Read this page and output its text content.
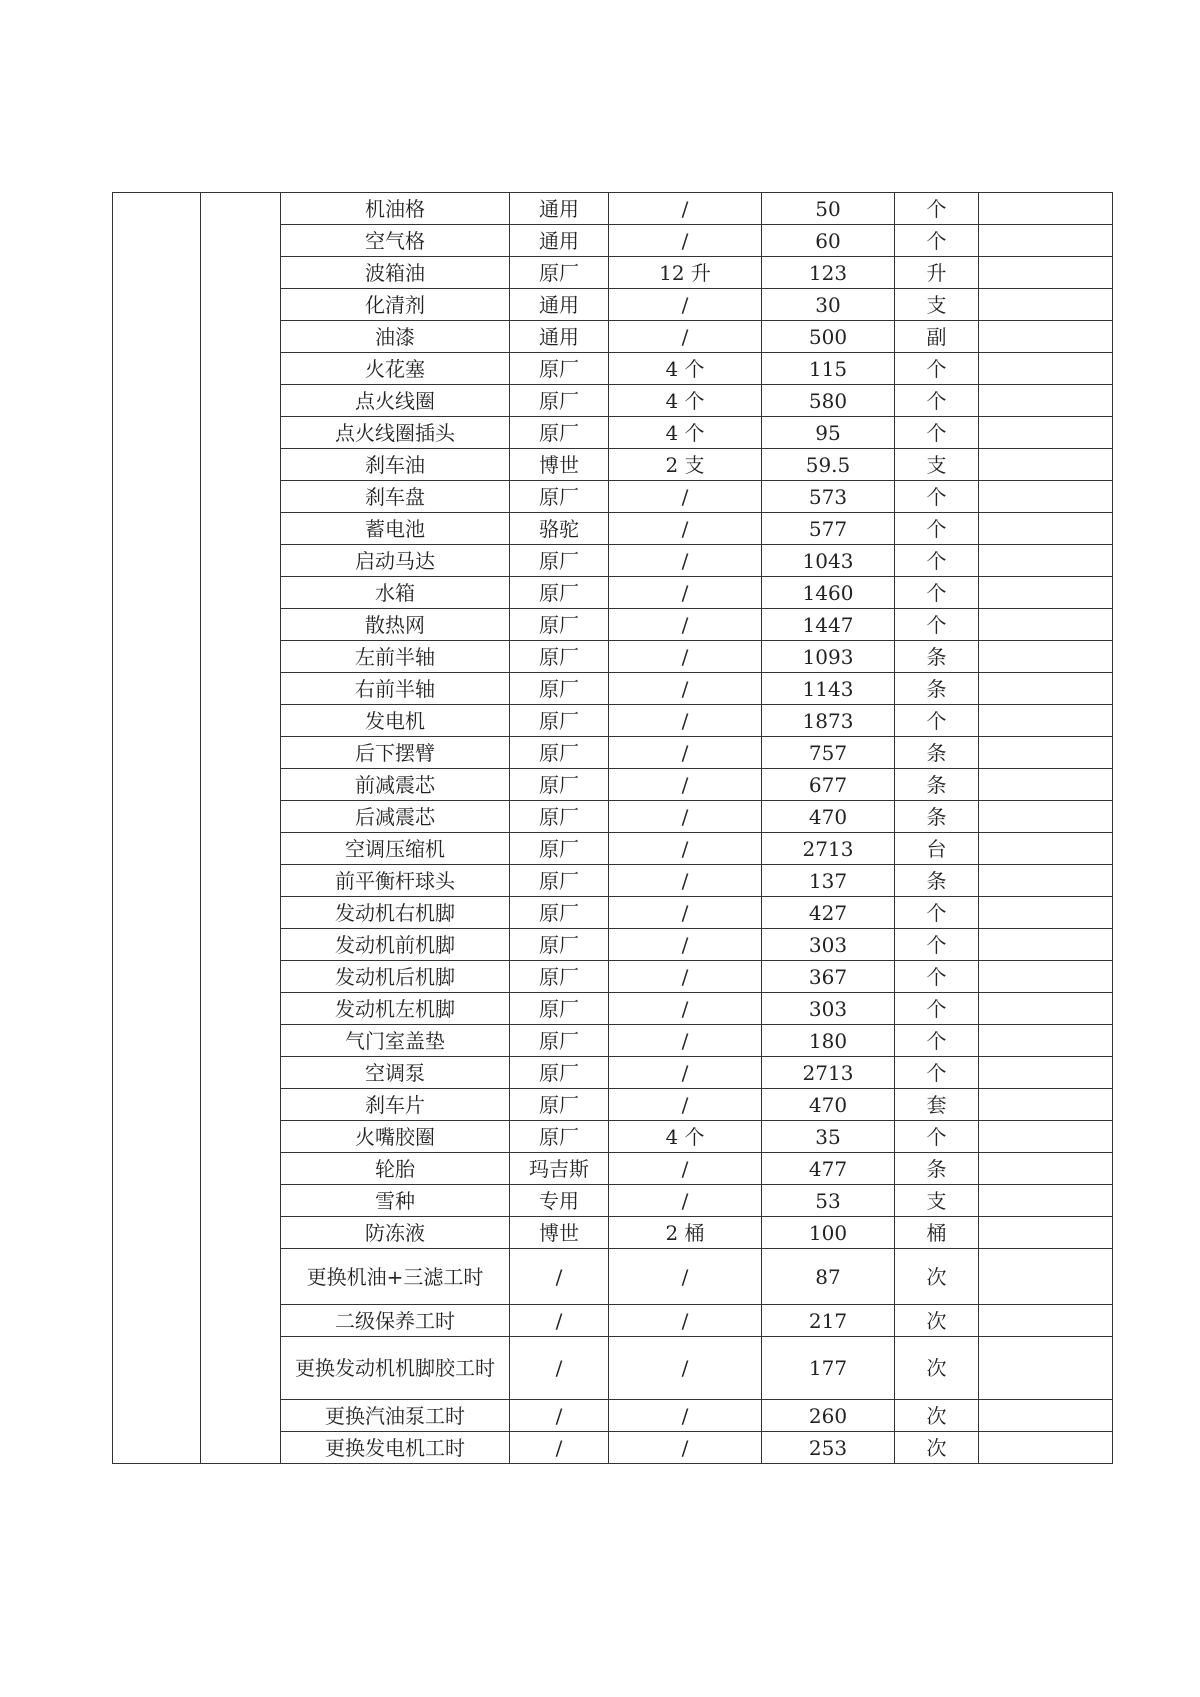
		机油格	通用	/	50	个	
		空气格	通用	/	60	个	
		波箱油	原厂	12 升	123	升	
		化清剂	通用	/	30	支	
		油漆	通用	/	500	副	
		火花塞	原厂	4 个	115	个	
		点火线圈	原厂	4 个	580	个	
		点火线圈插头	原厂	4 个	95	个	
		刹车油	博世	2 支	59.5	支	
		刹车盘	原厂	/	573	个	
		蓄电池	骆驼	/	577	个	
		启动马达	原厂	/	1043	个	
		水箱	原厂	/	1460	个	
		散热网	原厂	/	1447	个	
		左前半轴	原厂	/	1093	条	
		右前半轴	原厂	/	1143	条	
		发电机	原厂	/	1873	个	
		后下摆臂	原厂	/	757	条	
		前减震芯	原厂	/	677	条	
		后减震芯	原厂	/	470	条	
		空调压缩机	原厂	/	2713	台	
		前平衡杆球头	原厂	/	137	条	
		发动机右机脚	原厂	/	427	个	
		发动机前机脚	原厂	/	303	个	
		发动机后机脚	原厂	/	367	个	
		发动机左机脚	原厂	/	303	个	
		气门室盖垫	原厂	/	180	个	
		空调泵	原厂	/	2713	个	
		刹车片	原厂	/	470	套	
		火嘴胶圈	原厂	4 个	35	个	
		轮胎	玛吉斯	/	477	条	
		雪种	专用	/	53	支	
		防冻液	博世	2 桶	100	桶	
		更换机油+三滤工时	/	/	87	次	
		二级保养工时	/	/	217	次	
		更换发动机机脚胶工时	/	/	177	次	
		更换汽油泵工时	/	/	260	次	
		更换发电机工时	/	/	253	次	
